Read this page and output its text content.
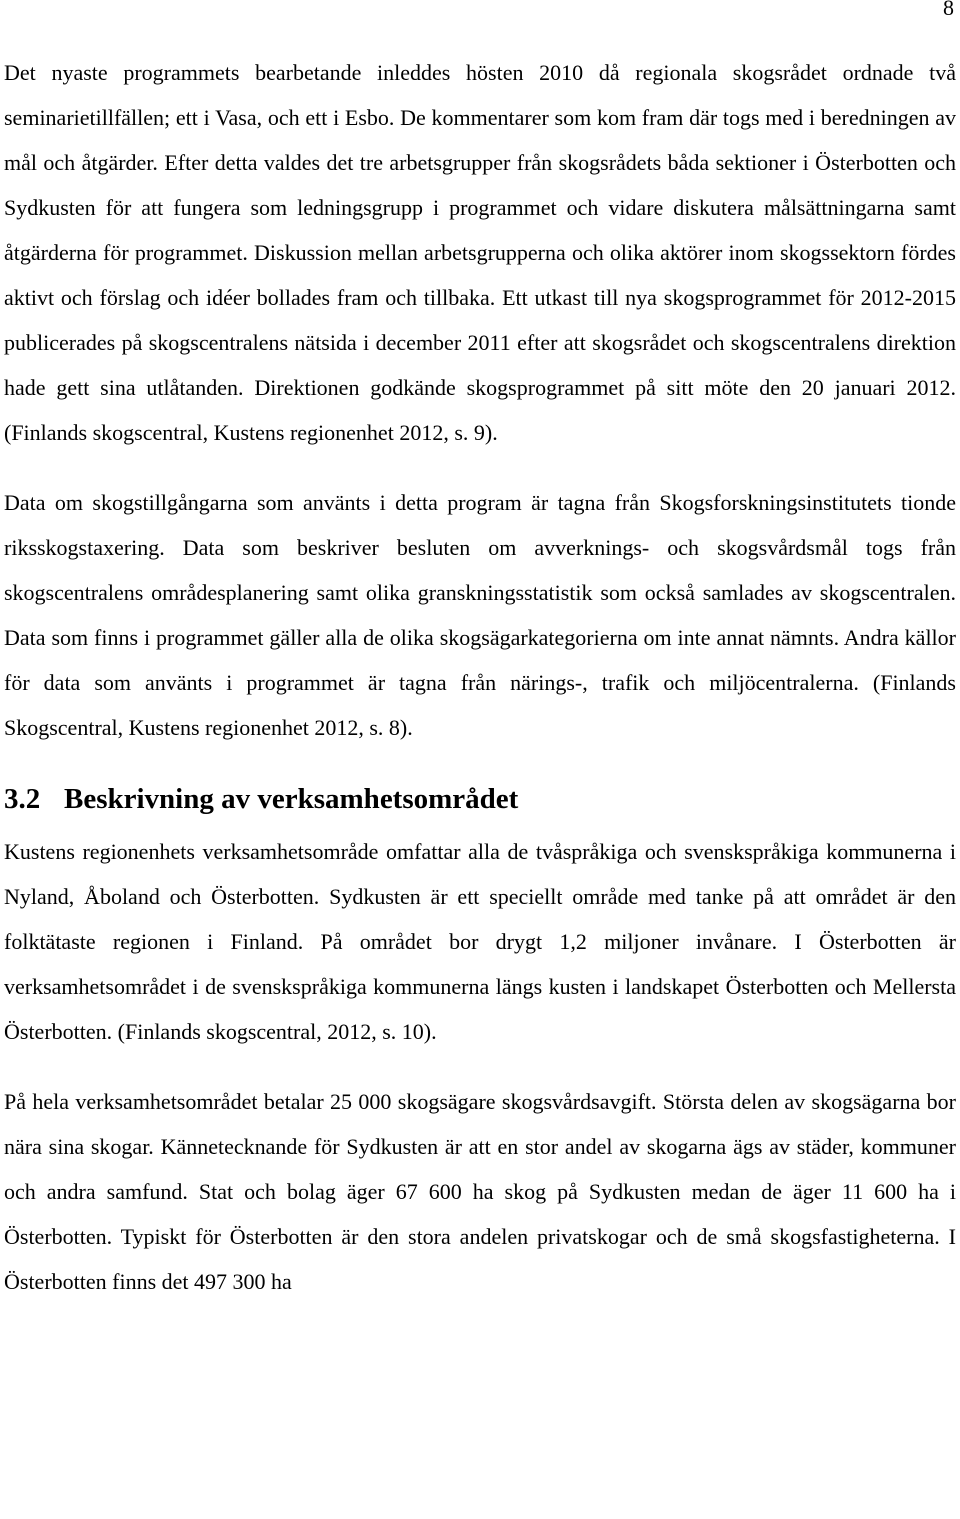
8

Det nyaste programmets bearbetande inleddes hösten 2010 då regionala skogsrådet ordnade två seminarietillfällen; ett i Vasa, och ett i Esbo. De kommentarer som kom fram där togs med i beredningen av mål och åtgärder. Efter detta valdes det tre arbetsgrupper från skogsrådets båda sektioner i Österbotten och Sydkusten för att fungera som ledningsgrupp i programmet och vidare diskutera målsättningarna samt åtgärderna för programmet. Diskussion mellan arbetsgrupperna och olika aktörer inom skogssektorn fördes aktivt och förslag och idéer bollades fram och tillbaka. Ett utkast till nya skogsprogrammet för 2012-2015 publicerades på skogscentralens nätsida i december 2011 efter att skogsrådet och skogscentralens direktion hade gett sina utlåtanden. Direktionen godkände skogsprogrammet på sitt möte den 20 januari 2012. (Finlands skogscentral, Kustens regionenhet 2012, s. 9).

Data om skogstillgångarna som använts i detta program är tagna från Skogsforskningsinstitutets tionde riksskogstaxering. Data som beskriver besluten om avverknings- och skogsvårdsmål togs från skogscentralens områdesplanering samt olika granskningsstatistik som också samlades av skogscentralen. Data som finns i programmet gäller alla de olika skogsägarkategorierna om inte annat nämnts. Andra källor för data som använts i programmet är tagna från närings-, trafik och miljöcentralerna. (Finlands Skogscentral, Kustens regionenhet 2012, s. 8).

3.2 Beskrivning av verksamhetsområdet

Kustens regionenhets verksamhetsområde omfattar alla de tvåspråkiga och svenskspråkiga kommunerna i Nyland, Åboland och Österbotten. Sydkusten är ett speciellt område med tanke på att området är den folktätaste regionen i Finland. På området bor drygt 1,2 miljoner invånare. I Österbotten är verksamhetsområdet i de svenskspråkiga kommunerna längs kusten i landskapet Österbotten och Mellersta Österbotten. (Finlands skogscentral, 2012, s. 10).

På hela verksamhetsområdet betalar 25 000 skogsägare skogsvårdsavgift. Största delen av skogsägarna bor nära sina skogar. Kännetecknande för Sydkusten är att en stor andel av skogarna ägs av städer, kommuner och andra samfund. Stat och bolag äger 67 600 ha skog på Sydkusten medan de äger 11 600 ha i Österbotten. Typiskt för Österbotten är den stora andelen privatskogar och de små skogsfastigheterna. I Österbotten finns det 497 300 ha
